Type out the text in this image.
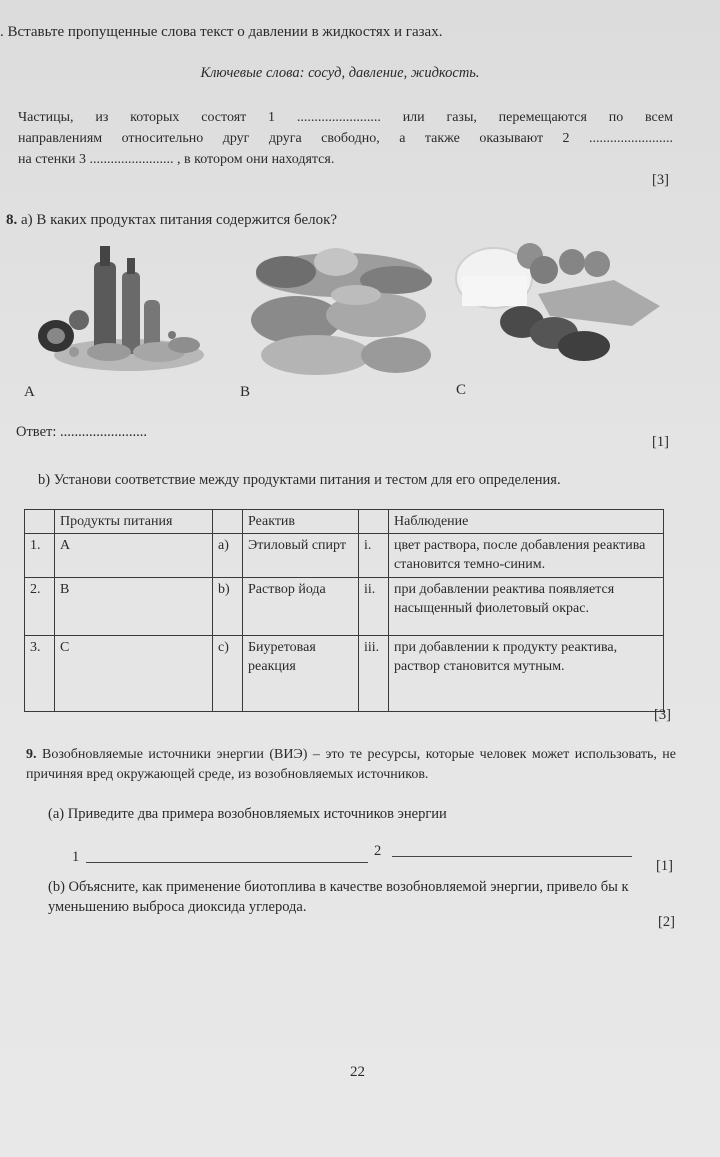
. Вставьте пропущенные слова текст о давлении в жидкостях и газах.
Ключевые слова: сосуд, давление, жидкость.
Частицы, из которых состоят 1 ........................ или газы, перемещаются по всем
направлениям относительно друг друга свободно, а также оказывают 2 ........................
на стенки 3 ........................ , в котором они находятся.
[3]
8. а) В каких продуктах питания содержится белок?
A	B	C
Ответ: ........................
[1]
b) Установи соответствие между продуктами питания и тестом для его определения.
	Продукты питания		Реактив		Наблюдение
1.	A	a)	Этиловый спирт	i.	цвет раствора, после добавления реактива становится темно-синим.
2.	B	b)	Раствор йода	ii.	при добавлении реактива появляется насыщенный фиолетовый окрас.
3.	C	c)	Биуретовая реакция	iii.	при добавлении к продукту реактива, раствор становится мутным.
[3]
9. Возобновляемые источники энергии (ВИЭ) – это те ресурсы, которые человек может использовать, не причиняя вред окружающей среде, из возобновляемых источников.
(a) Приведите два примера возобновляемых источников энергии
1	2
[1]
(b) Объясните, как применение биотоплива в качестве возобновляемой энергии, привело бы к уменьшению выброса диоксида углерода.
[2]
22
